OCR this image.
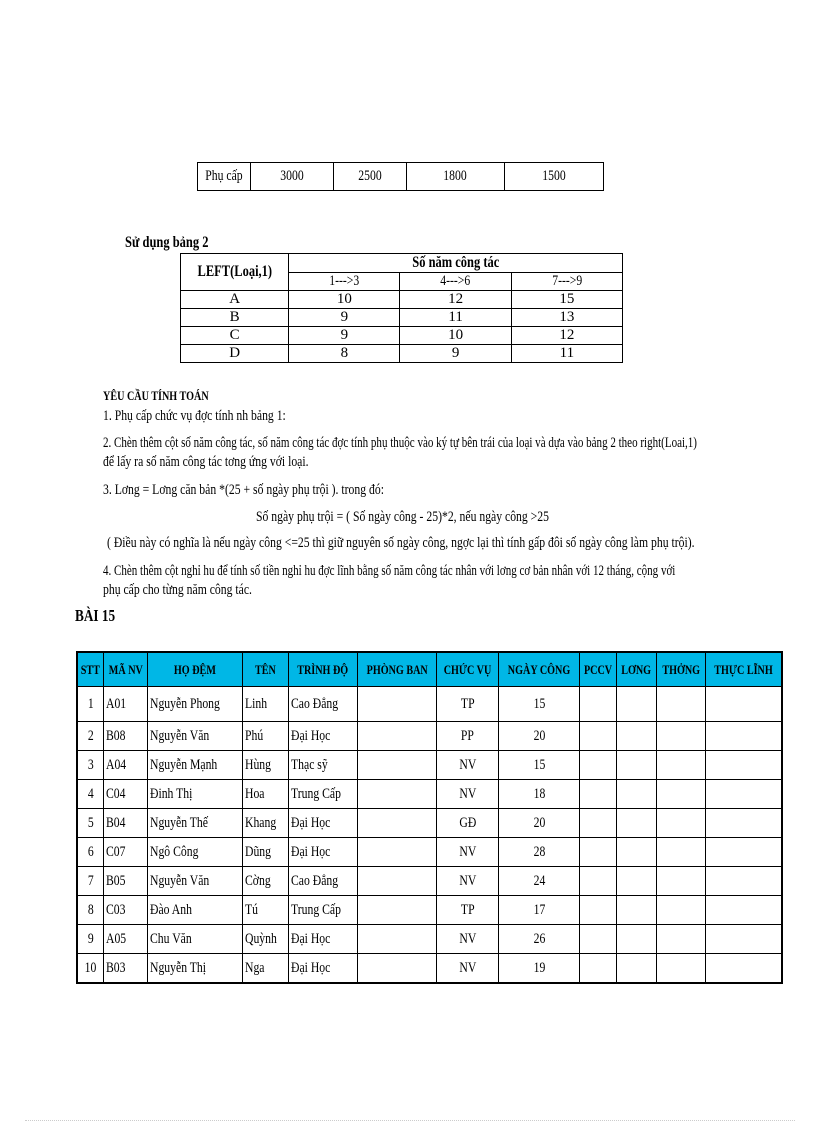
Phụ cấp	3000	2500	1800	1500
Sử dụng bảng 2
LEFT(Loại,1)	Số năm công tác		
	1--->3	4--->6	7--->9
A	10	12	15
B	9	11	13
C	9	10	12
D	8	9	11
YÊU CẦU TÍNH TOÁN
1. Phụ cấp chức vụ đợc tính nh bảng 1:
2. Chèn thêm cột số năm công tác, số năm công tác đợc tính phụ thuộc vào ký tự bên trái của loại và dựa vào bảng 2 theo right(Loai,1)
để lấy ra số năm công tác tơng ứng với loại.
3. Lơng = Lơng căn bản *(25 + số ngày phụ trội ). trong đó:
Số ngày phụ trội = ( Số ngày công - 25)*2, nếu ngày công >25
( Điều này có nghĩa là nếu ngày công <=25 thì giữ nguyên số ngày công, ngợc lại thì tính gấp đôi số ngày công làm phụ trội).
4. Chèn thêm cột nghỉ hu để tính số tiền nghỉ hu đợc lĩnh bằng số năm công tác nhân với lơng cơ bản nhân với 12 tháng, cộng với
phụ cấp cho từng năm công tác.
BÀI 15
STT	MÃ NV	HỌ ĐỆM	TÊN	TRÌNH ĐỘ	PHÒNG BAN	CHỨC VỤ	NGÀY CÔNG	PCCV	LƠNG	THỞNG	THỰC LĨNH
1	A01	Nguyễn Phong	Linh	Cao Đẳng		TP	15				
2	B08	Nguyễn Văn	Phú	Đại Học		PP	20				
3	A04	Nguyễn Mạnh	Hùng	Thạc sỹ		NV	15				
4	C04	Đinh Thị	Hoa	Trung Cấp		NV	18				
5	B04	Nguyễn Thế	Khang	Đại Học		GĐ	20				
6	C07	Ngô Công	Dũng	Đại Học		NV	28				
7	B05	Nguyễn Văn	Cờng	Cao Đẳng		NV	24				
8	C03	Đào Anh	Tú	Trung Cấp		TP	17				
9	A05	Chu Văn	Quỳnh	Đại Học		NV	26				
10	B03	Nguyễn Thị	Nga	Đại Học		NV	19				
